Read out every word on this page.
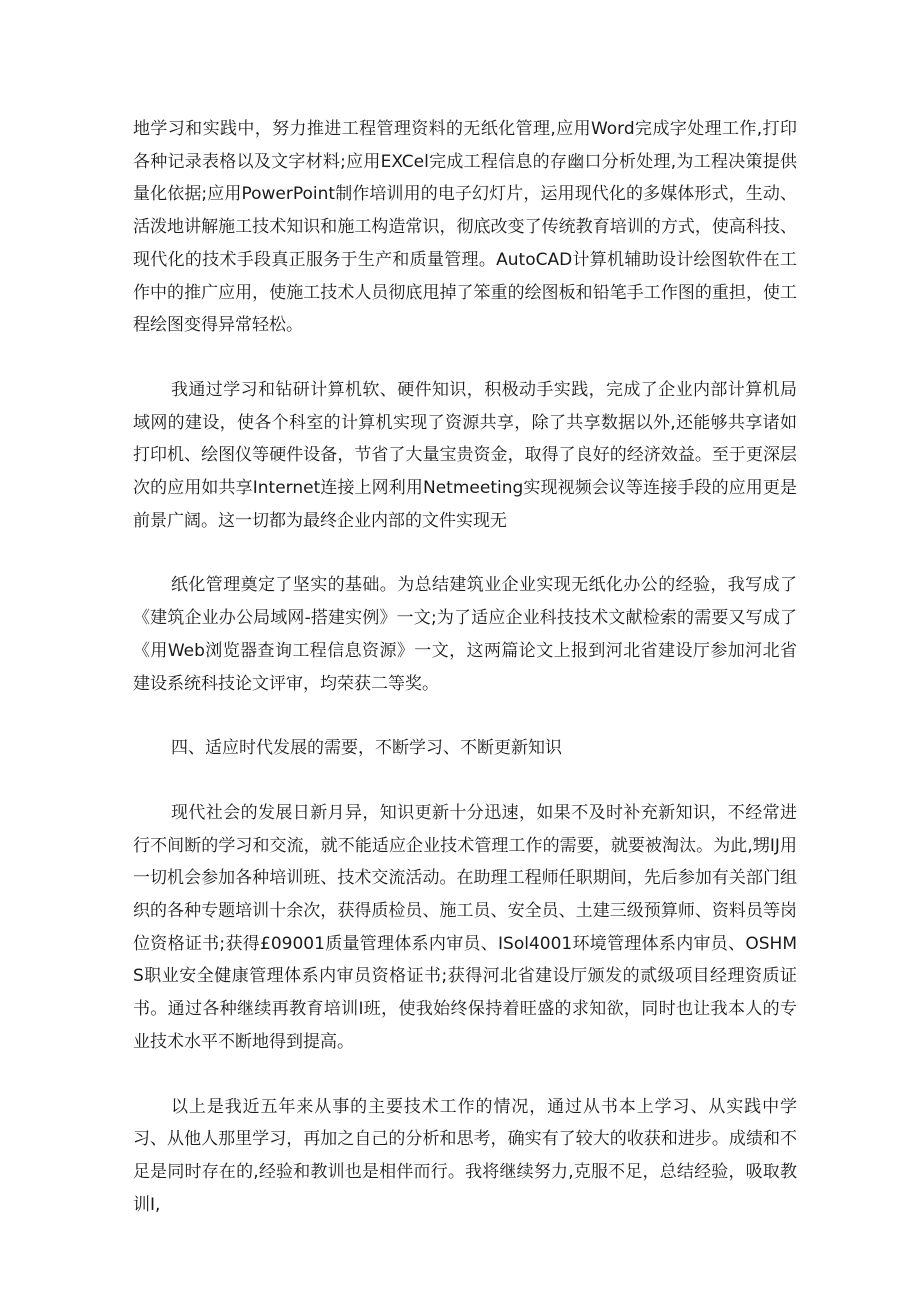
地学习和实践中，努力推进工程管理资料的无纸化管理,应用Word完成字处理工作,打印各种记录表格以及文字材料;应用EXCel完成工程信息的存幽口分析处理,为工程决策提供量化依据;应用PowerPoint制作培训用的电子幻灯片，运用现代化的多媒体形式，生动、活泼地讲解施工技术知识和施工构造常识，彻底改变了传统教育培训的方式，使高科技、现代化的技术手段真正服务于生产和质量管理。AutoCAD计算机辅助设计绘图软件在工作中的推广应用，使施工技术人员彻底甩掉了笨重的绘图板和铅笔手工作图的重担，使工程绘图变得异常轻松。

我通过学习和钻研计算机软、硬件知识，积极动手实践，完成了企业内部计算机局域网的建设，使各个科室的计算机实现了资源共享，除了共享数据以外,还能够共享诸如打印机、绘图仪等硬件设备，节省了大量宝贵资金，取得了良好的经济效益。至于更深层次的应用如共享Internet连接上网利用Netmeeting实现视频会议等连接手段的应用更是前景广阔。这一切都为最终企业内部的文件实现无

纸化管理奠定了坚实的基础。为总结建筑业企业实现无纸化办公的经验，我写成了《建筑企业办公局域网-搭建实例》一文;为了适应企业科技技术文献检索的需要又写成了《用Web浏览器查询工程信息资源》一文，这两篇论文上报到河北省建设厅参加河北省建设系统科技论文评审，均荣获二等奖。

四、适应时代发展的需要，不断学习、不断更新知识

现代社会的发展日新月异，知识更新十分迅速，如果不及时补充新知识，不经常进行不间断的学习和交流，就不能适应企业技术管理工作的需要，就要被淘汰。为此,甥IJ用一切机会参加各种培训班、技术交流活动。在助理工程师任职期间，先后参加有关部门组织的各种专题培训十余次，获得质检员、施工员、安全员、土建三级预算师、资料员等岗位资格证书;获得£09001质量管理体系内审员、ISol4001环境管理体系内审员、OSHMS职业安全健康管理体系内审员资格证书;获得河北省建设厅颁发的贰级项目经理资质证书。通过各种继续再教育培训I班，使我始终保持着旺盛的求知欲，同时也让我本人的专业技术水平不断地得到提高。

以上是我近五年来从事的主要技术工作的情况，通过从书本上学习、从实践中学习、从他人那里学习，再加之自己的分析和思考，确实有了较大的收获和进步。成绩和不足是同时存在的,经验和教训也是相伴而行。我将继续努力,克服不足，总结经验，吸取教训I,
